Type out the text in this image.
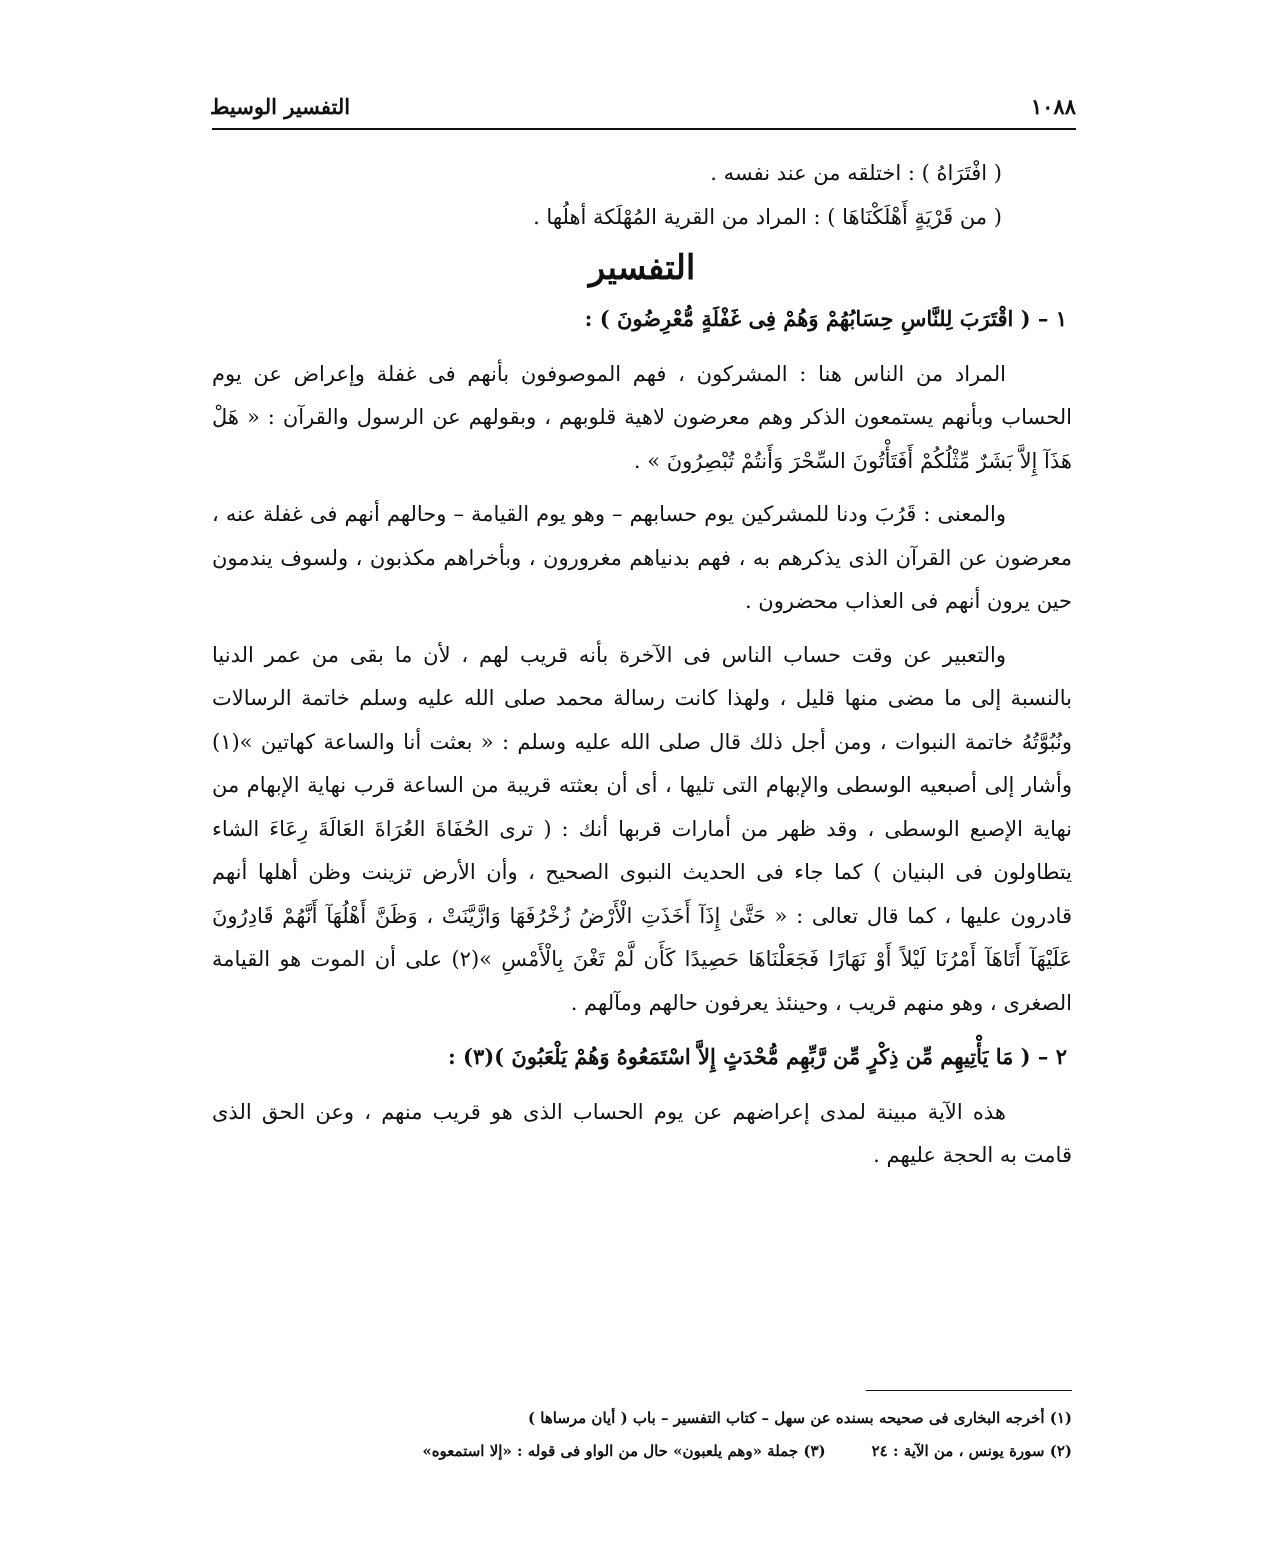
١٠٨٨
التفسير الوسيط

( افْتَرَاهُ ) : اختلقه من عند نفسه .

( من قَرْيَةٍ أَهْلَكْنَاهَا ) : المراد من القرية المُهْلَكة أهلُها .

التفسير

١ – ( اقْتَرَبَ لِلنَّاسِ حِسَابُهُمْ وَهُمْ فِى غَفْلَةٍ مُّعْرِضُونَ ) :

المراد من الناس هنا : المشركون ، فهم الموصوفون بأنهم فى غفلة وإعراض عن يوم الحساب وبأنهم يستمعون الذكر وهم معرضون لاهية قلوبهم ، وبقولهم عن الرسول والقرآن : « هَلْ هَذَآ إِلاَّ بَشَرٌ مِّثْلُكُمْ أَفَتَأْتُونَ السِّحْرَ وَأَنتُمْ تُبْصِرُونَ » .

والمعنى : قَرُبَ ودنا للمشركين يوم حسابهم – وهو يوم القيامة – وحالهم أنهم فى غفلة عنه ، معرضون عن القرآن الذى يذكرهم به ، فهم بدنياهم مغرورون ، وبأخراهم مكذبون ، ولسوف يندمون حين يرون أنهم فى العذاب محضرون .

والتعبير عن وقت حساب الناس فى الآخرة بأنه قريب لهم ، لأن ما بقى من عمر الدنيا بالنسبة إلى ما مضى منها قليل ، ولهذا كانت رسالة محمد صلى الله عليه وسلم خاتمة الرسالات ونُبُوَّتُهُ خاتمة النبوات ، ومن أجل ذلك قال صلى الله عليه وسلم : « بعثت أنا والساعة كهاتين »(١) وأشار إلى أصبعيه الوسطى والإبهام التى تليها ، أى أن بعثته قريبة من الساعة قرب نهاية الإبهام من نهاية الإصبع الوسطى ، وقد ظهر من أمارات قربها أنك : ( ترى الحُفَاةَ العُرَاةَ العَالَةَ رِعَاءَ الشاء يتطاولون فى البنيان ) كما جاء فى الحديث النبوى الصحيح ، وأن الأرض تزينت وظن أهلها أنهم قادرون عليها ، كما قال تعالى : « حَتَّىٰ إِذَآ أَخَذَتِ الْأَرْضُ زُخْرُفَهَا وَازَّيَّنَتْ ، وَظَنَّ أَهْلُهَآ أَنَّهُمْ قَادِرُونَ عَلَيْهَآ أَتَاهَآ أَمْرُنَا لَيْلاً أَوْ نَهَارًا فَجَعَلْنَاهَا حَصِيدًا كَأَن لَّمْ تَغْنَ بِالْأَمْسِ »(٢) على أن الموت هو القيامة الصغرى ، وهو منهم قريب ، وحينئذ يعرفون حالهم ومآلهم .

٢ – ( مَا يَأْتِيهِم مِّن ذِكْرٍ مِّن رَّبِّهِم مُّحْدَثٍ إِلاَّ اسْتَمَعُوهُ وَهُمْ يَلْعَبُونَ )(٣) :

هذه الآية مبينة لمدى إعراضهم عن يوم الحساب الذى هو قريب منهم ، وعن الحق الذى قامت به الحجة عليهم .

(١) أخرجه البخارى فى صحيحه بسنده عن سهل – كتاب التفسير – باب ( أيان مرساها )
(٢) سورة يونس ، من الآية : ٢٤
(٣) جملة «وهم يلعبون» حال من الواو فى قوله : «إلا استمعوه»
